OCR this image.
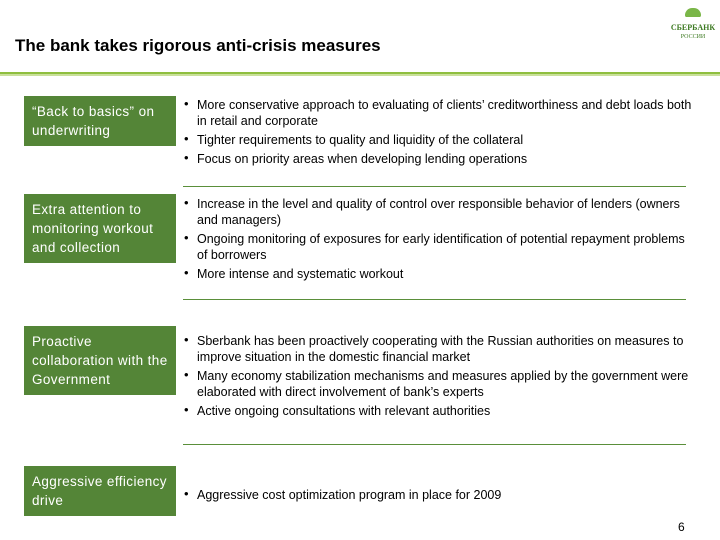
The bank takes rigorous anti-crisis measures
СБЕРБАНК
РОССИИ
“Back to basics” on underwriting
• More conservative approach to evaluating of clients’ creditworthiness and debt loads both in retail and corporate
• Tighter requirements to quality and liquidity of the collateral
• Focus on priority areas when developing lending operations
Extra attention to monitoring workout and collection
• Increase in the level and quality of control over responsible behavior of lenders (owners and managers)
• Ongoing monitoring of exposures for early identification of potential repayment problems of borrowers
• More intense and systematic workout
Proactive collaboration with the Government
• Sberbank has been proactively cooperating with the Russian authorities on measures to improve situation in the domestic financial market
• Many economy stabilization mechanisms and measures applied by the government were elaborated with direct involvement of bank’s experts
• Active ongoing consultations with relevant authorities
Aggressive efficiency drive
•	Aggressive cost optimization program in place for 2009
6
